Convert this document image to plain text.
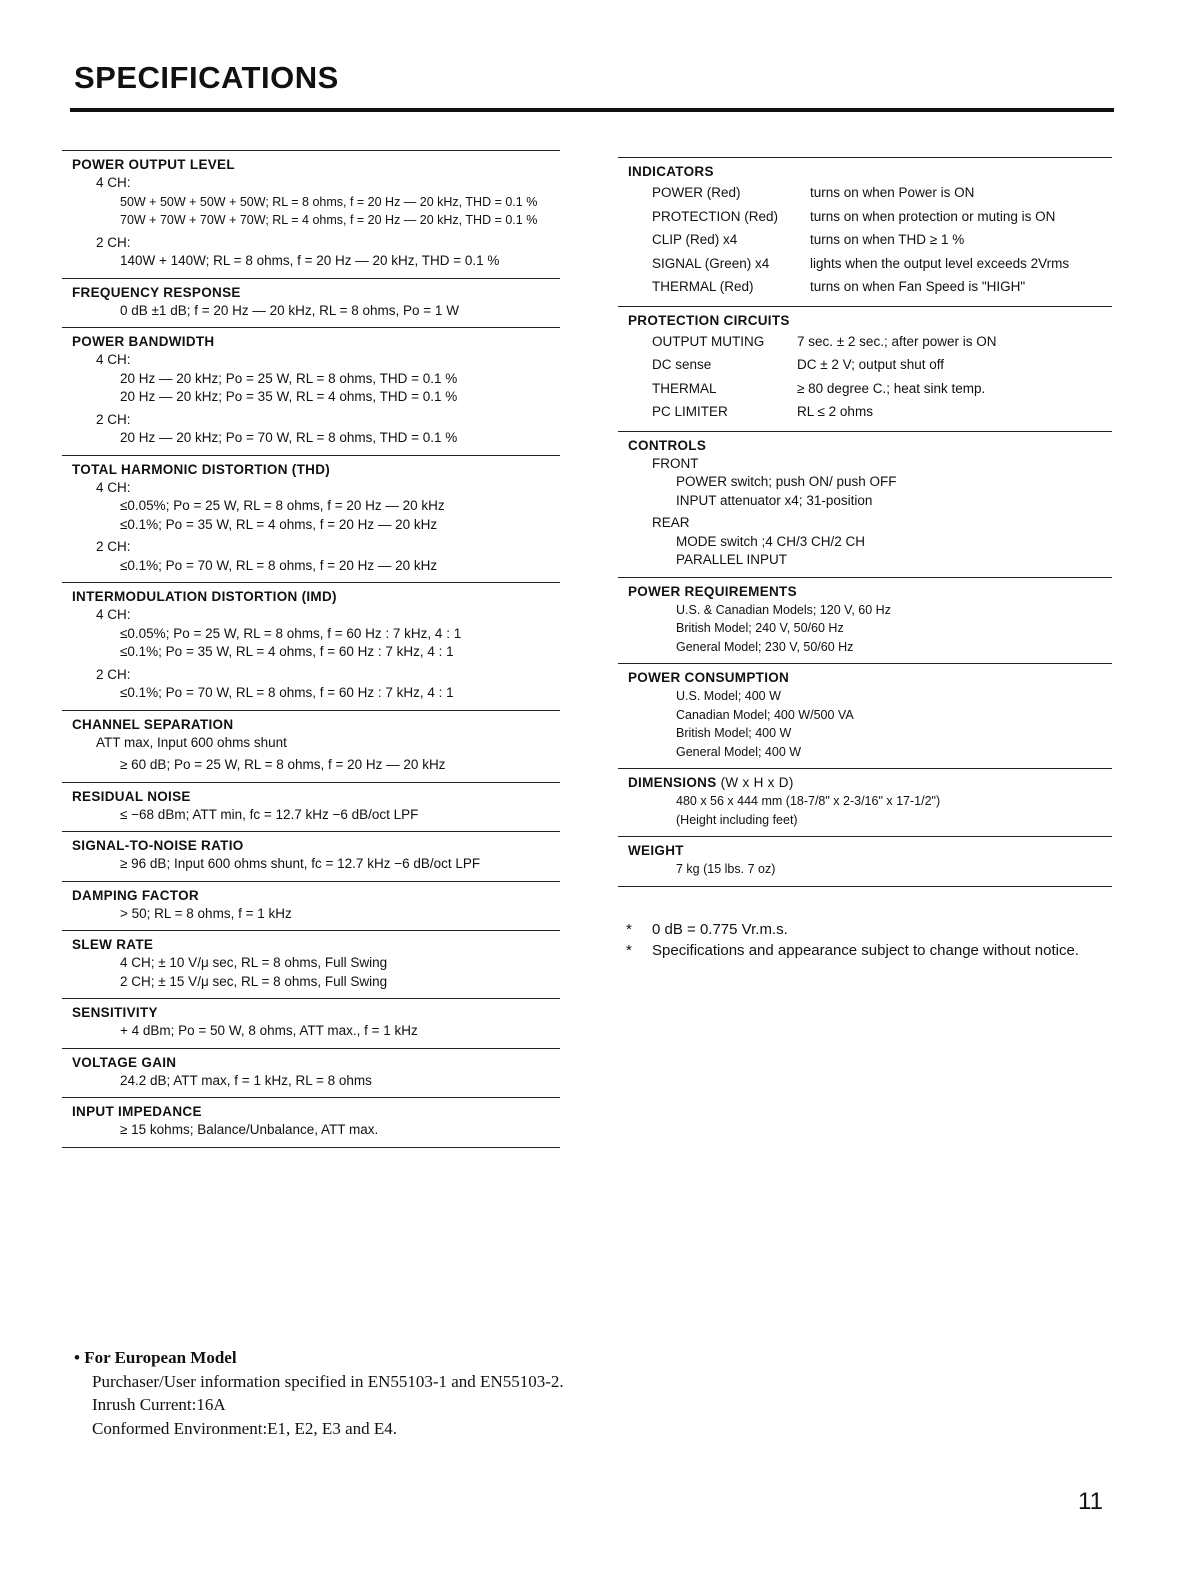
SPECIFICATIONS
POWER OUTPUT LEVEL
4 CH:
50W + 50W + 50W + 50W; RL = 8 ohms, f = 20 Hz — 20 kHz, THD = 0.1 %
70W + 70W + 70W + 70W; RL = 4 ohms, f = 20 Hz — 20 kHz, THD = 0.1 %
2 CH:
140W + 140W; RL = 8 ohms, f = 20 Hz — 20 kHz, THD = 0.1 %
FREQUENCY RESPONSE
0 dB ±1 dB; f = 20 Hz — 20 kHz, RL = 8 ohms, Po = 1 W
POWER BANDWIDTH
4 CH:
20 Hz — 20 kHz; Po = 25 W, RL = 8 ohms, THD = 0.1 %
20 Hz — 20 kHz; Po = 35 W, RL = 4 ohms, THD = 0.1 %
2 CH:
20 Hz — 20 kHz; Po = 70 W, RL = 8 ohms, THD = 0.1 %
TOTAL HARMONIC DISTORTION (THD)
4 CH:
≤0.05%; Po = 25 W, RL = 8 ohms, f = 20 Hz — 20 kHz
≤0.1%; Po = 35 W, RL = 4 ohms, f = 20 Hz — 20 kHz
2 CH:
≤0.1%; Po = 70 W, RL = 8 ohms, f = 20 Hz — 20 kHz
INTERMODULATION DISTORTION (IMD)
4 CH:
≤0.05%; Po = 25 W, RL = 8 ohms, f = 60 Hz : 7 kHz, 4 : 1
≤0.1%; Po = 35 W, RL = 4 ohms, f = 60 Hz : 7 kHz, 4 : 1
2 CH:
≤0.1%; Po = 70 W, RL = 8 ohms, f = 60 Hz : 7 kHz, 4 : 1
CHANNEL SEPARATION
ATT max, Input 600 ohms shunt
≥ 60 dB; Po = 25 W, RL = 8 ohms, f = 20 Hz — 20 kHz
RESIDUAL NOISE
≤ −68 dBm; ATT min, fc = 12.7 kHz −6 dB/oct LPF
SIGNAL-TO-NOISE RATIO
≥ 96 dB; Input 600 ohms shunt, fc = 12.7 kHz −6 dB/oct LPF
DAMPING FACTOR
> 50; RL = 8 ohms, f = 1 kHz
SLEW RATE
4 CH; ± 10 V/μ sec, RL = 8 ohms, Full Swing
2 CH; ± 15 V/μ sec, RL = 8 ohms, Full Swing
SENSITIVITY
+ 4 dBm; Po = 50 W, 8 ohms, ATT max., f = 1 kHz
VOLTAGE GAIN
24.2 dB; ATT max, f = 1 kHz, RL = 8 ohms
INPUT IMPEDANCE
≥ 15 kohms; Balance/Unbalance, ATT max.
INDICATORS
POWER (Red)	turns on when Power is ON
PROTECTION (Red)	turns on when protection or muting is ON
CLIP (Red) x4	turns on when THD ≥ 1 %
SIGNAL (Green) x4	lights when the output level exceeds 2Vrms
THERMAL (Red)	turns on when Fan Speed is "HIGH"
PROTECTION CIRCUITS
OUTPUT MUTING	7 sec. ± 2 sec.; after power is ON
DC sense	DC ± 2 V; output shut off
THERMAL	≥ 80 degree C.; heat sink temp.
PC LIMITER	RL ≤ 2 ohms
CONTROLS
FRONT
POWER switch; push ON/ push OFF
INPUT attenuator x4; 31-position
REAR
MODE switch ;4 CH/3 CH/2 CH
PARALLEL INPUT
POWER REQUIREMENTS
U.S. & Canadian Models; 120 V, 60 Hz
British Model; 240 V, 50/60 Hz
General Model; 230 V, 50/60 Hz
POWER CONSUMPTION
U.S. Model; 400 W
Canadian Model; 400 W/500 VA
British Model; 400 W
General Model; 400 W
DIMENSIONS (W x H x D)
480 x 56 x 444 mm (18-7/8" x 2-3/16" x 17-1/2")
(Height including feet)
WEIGHT
7 kg (15 lbs. 7 oz)
*	0 dB = 0.775 Vr.m.s.
*	Specifications and appearance subject to change without notice.
• For European Model
Purchaser/User information specified in EN55103-1 and EN55103-2.
Inrush Current:16A
Conformed Environment:E1, E2, E3 and E4.
11
